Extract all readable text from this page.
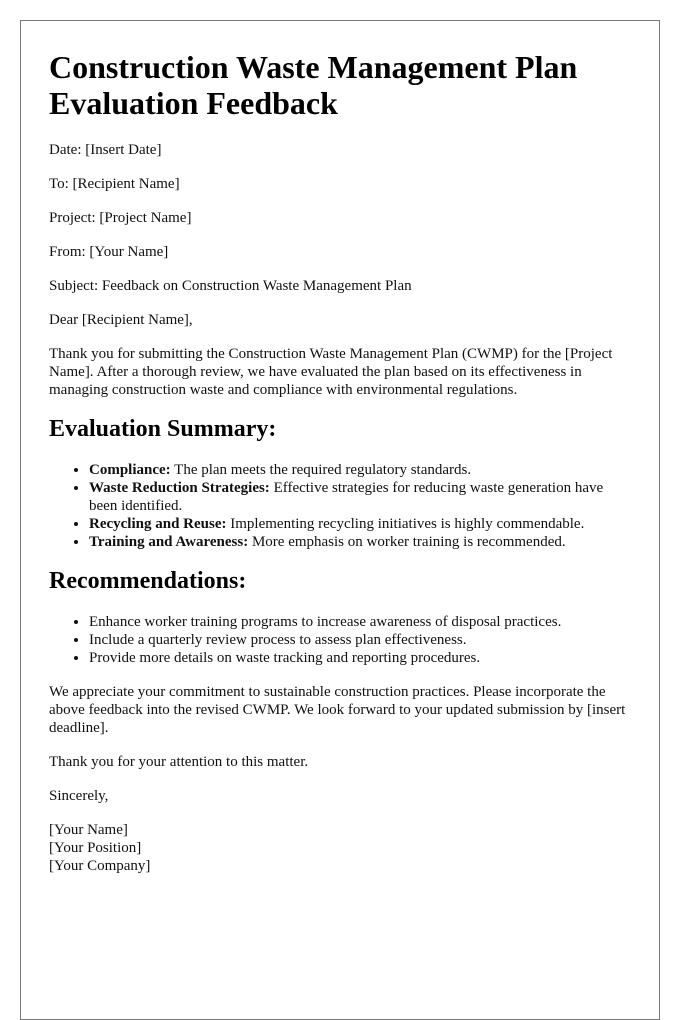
Construction Waste Management Plan Evaluation Feedback

Date: [Insert Date]

To: [Recipient Name]

Project: [Project Name]

From: [Your Name]

Subject: Feedback on Construction Waste Management Plan

Dear [Recipient Name],

Thank you for submitting the Construction Waste Management Plan (CWMP) for the [Project Name]. After a thorough review, we have evaluated the plan based on its effectiveness in managing construction waste and compliance with environmental regulations.

Evaluation Summary:
• Compliance: The plan meets the required regulatory standards.
• Waste Reduction Strategies: Effective strategies for reducing waste generation have been identified.
• Recycling and Reuse: Implementing recycling initiatives is highly commendable.
• Training and Awareness: More emphasis on worker training is recommended.
Recommendations:
• Enhance worker training programs to increase awareness of disposal practices.
• Include a quarterly review process to assess plan effectiveness.
• Provide more details on waste tracking and reporting procedures.

We appreciate your commitment to sustainable construction practices. Please incorporate the above feedback into the revised CWMP. We look forward to your updated submission by [insert deadline].

Thank you for your attention to this matter.

Sincerely,

[Your Name]
[Your Position]
[Your Company]
